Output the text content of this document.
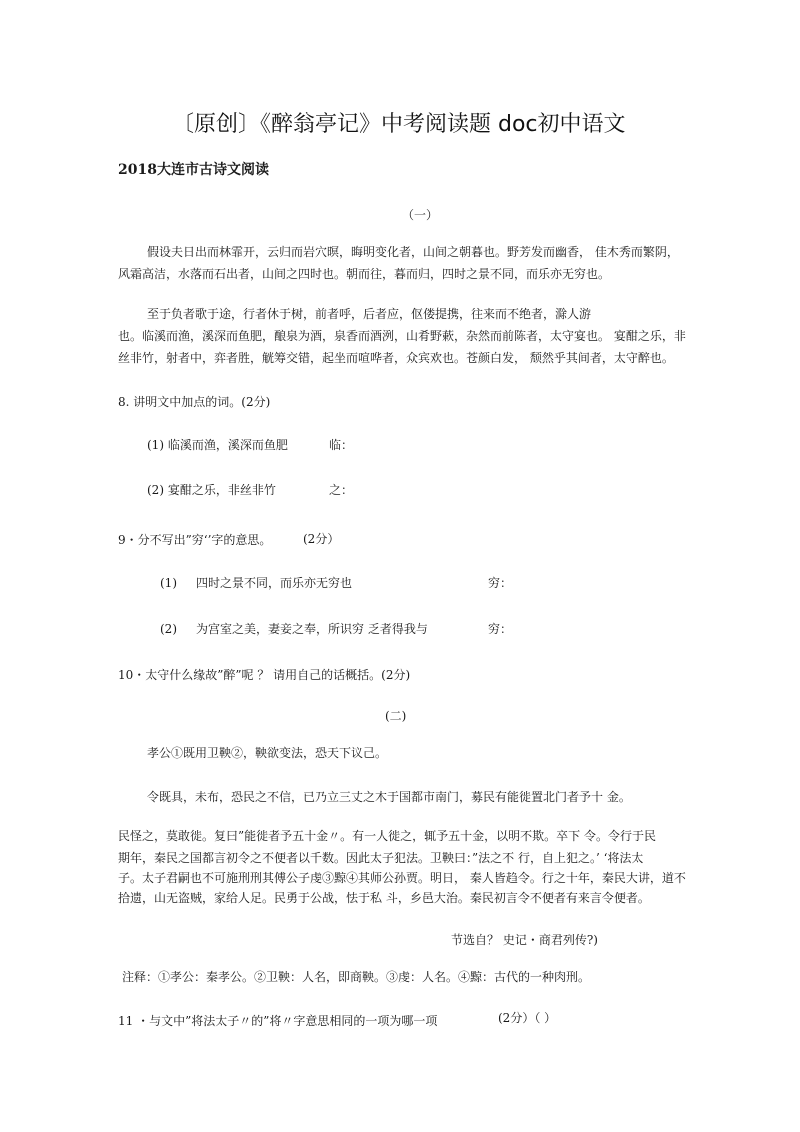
〔原创〕《醉翁亭记》中考阅读题 doc初中语文
2018大连市古诗文阅读
（一）
假设夫日出而林霏开，云归而岩穴暝，晦明变化者，山间之朝暮也。野芳发而幽香， 佳木秀而繁阴，
风霜高洁，水落而石出者，山间之四时也。朝而往，暮而归，四时之景不同，而乐亦无穷也。
至于负者歌于途，行者休于树，前者呼，后者应，伛偻提携，往来而不绝者，滁人游
也。临溪而渔，溪深而鱼肥，酿泉为酒，泉香而酒洌，山肴野蔌，杂然而前陈者，太守宴也。 宴酣之乐，非
丝非竹，射者中，弈者胜，觥筹交错，起坐而喧哗者，众宾欢也。苍颜白发， 颓然乎其间者，太守醉也。
8. 讲明文中加点的词。(2分)
(1) 临溪而渔，溪深而鱼肥	临：
(2) 宴酣之乐，非丝非竹	之：
9・分不写出”穷‘’字的意思。	(2分）
(1) 四时之景不同，而乐亦无穷也	穷：
(2) 为宫室之美，妻妾之奉，所识穷 乏者得我与	穷：
10・太守什么缘故”醉”呢 ？ 请用自己的话概括。(2分)
(二)
孝公①既用卫鞅②，鞅欲变法，恐天下议己。
令既具，未布，恐民之不信，已乃立三丈之木于国都市南门，募民有能徙置北门者予十 金。
民怪之，莫敢徙。复曰”能徙者予五十金〃。有一人徙之，辄予五十金，以明不欺。卒下 令。令行于民
期年，秦民之国都言初令之不便者以千数。因此太子犯法。卫鞅曰：”法之不 行，自上犯之。’ ‘将法太
子。太子君嗣也不可施刑刑其傅公子虔③黥④其师公孙贾。明日， 秦人皆趋令。行之十年，秦民大讲，道不
拾遗，山无盗贼，家给人足。民勇于公战，怯于私 斗，乡邑大治。秦民初言令不便者有来言令便者。
节选自？ 史记・商君列传?)
注释：①孝公：秦孝公。②卫鞅：人名，即商鞅。③虔：人名。④黥：古代的一种肉刑。
11 ・与文中”将法太子〃的”将〃字意思相同的一项为哪一项	(2分）（ ）
